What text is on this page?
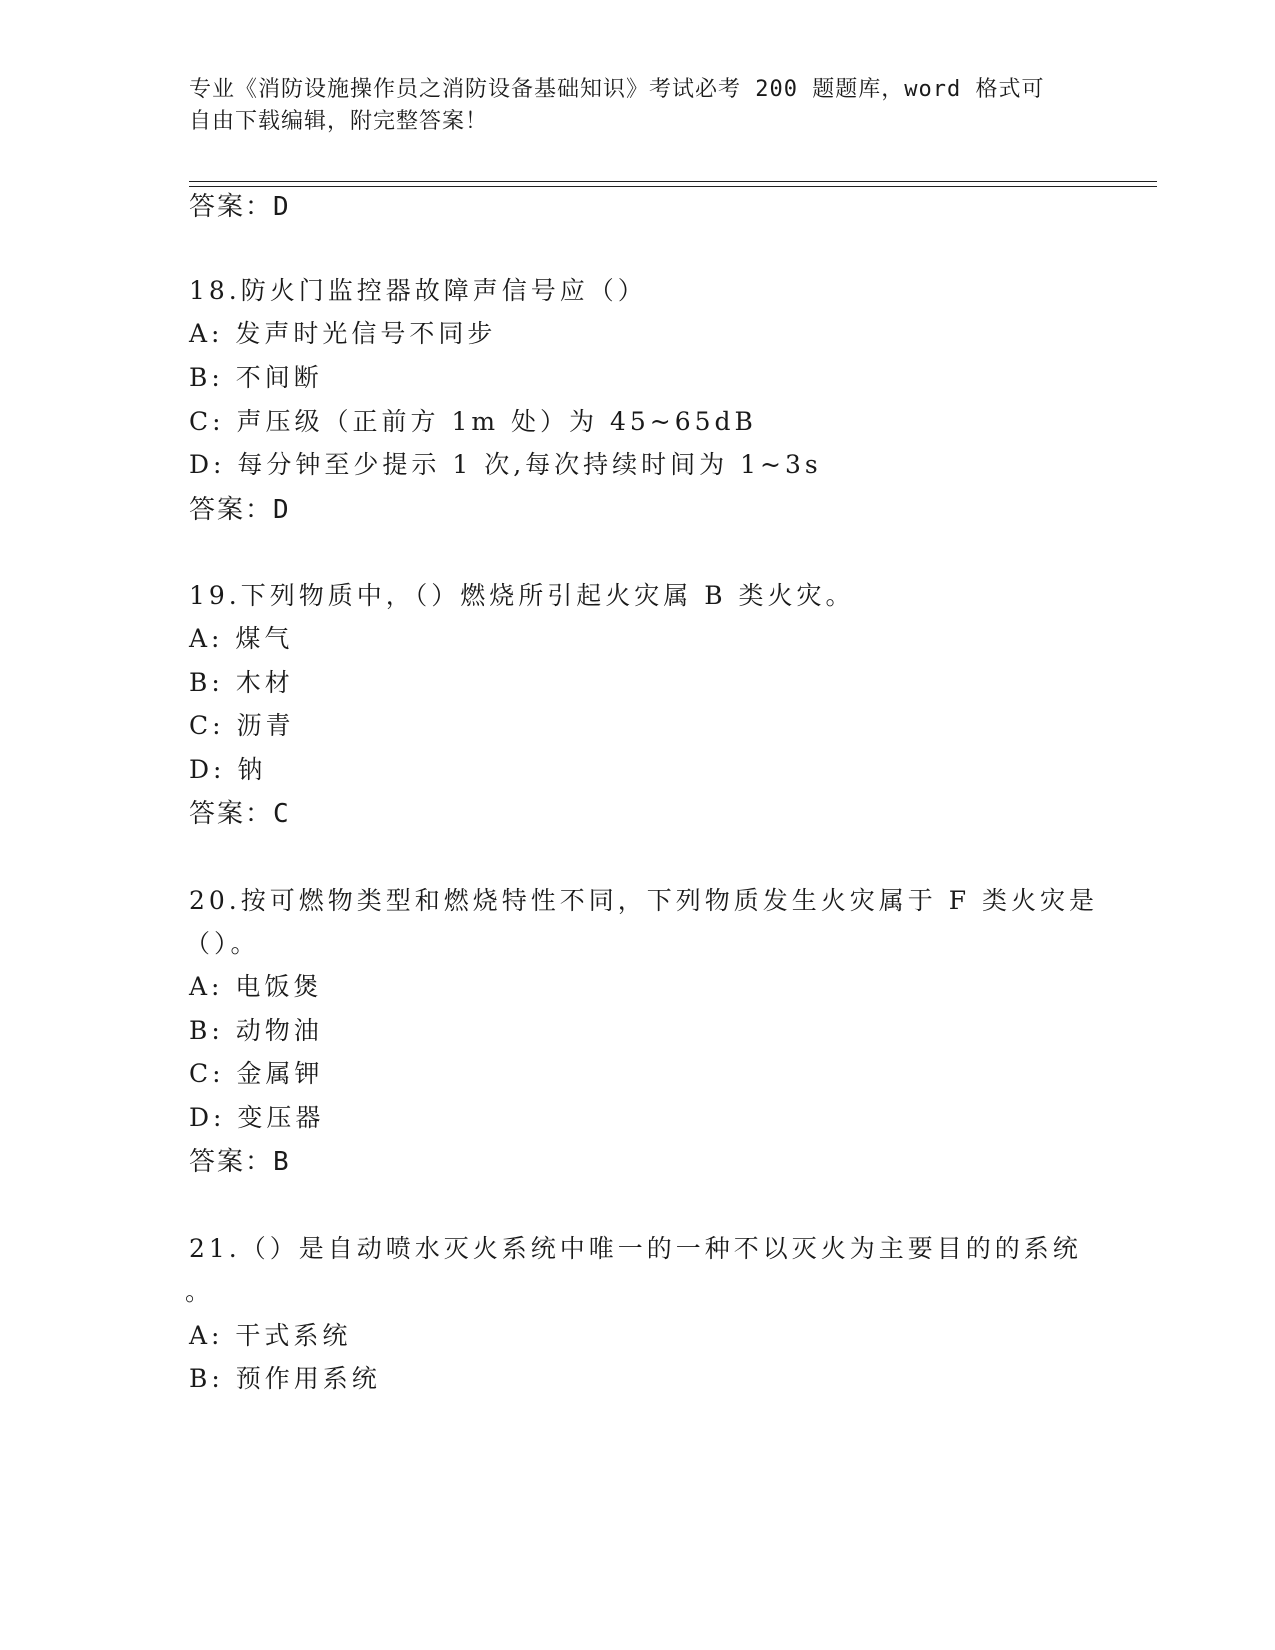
专业《消防设施操作员之消防设备基础知识》考试必考 200 题题库，word 格式可
自由下载编辑，附完整答案！
答案：D
18.防火门监控器故障声信号应（）
A: 发声时光信号不同步
B: 不间断
C: 声压级（正前方 1m 处）为 45~65dB
D: 每分钟至少提示 1 次,每次持续时间为 1~3s
答案：D
19.下列物质中，（）燃烧所引起火灾属 B 类火灾。
A: 煤气
B: 木材
C: 沥青
D: 钠
答案：C
20.按可燃物类型和燃烧特性不同，下列物质发生火灾属于 F 类火灾是
（）。
A: 电饭煲
B: 动物油
C: 金属钾
D: 变压器
答案：B
21.（）是自动喷水灭火系统中唯一的一种不以灭火为主要目的的系统
。
A: 干式系统
B: 预作用系统
